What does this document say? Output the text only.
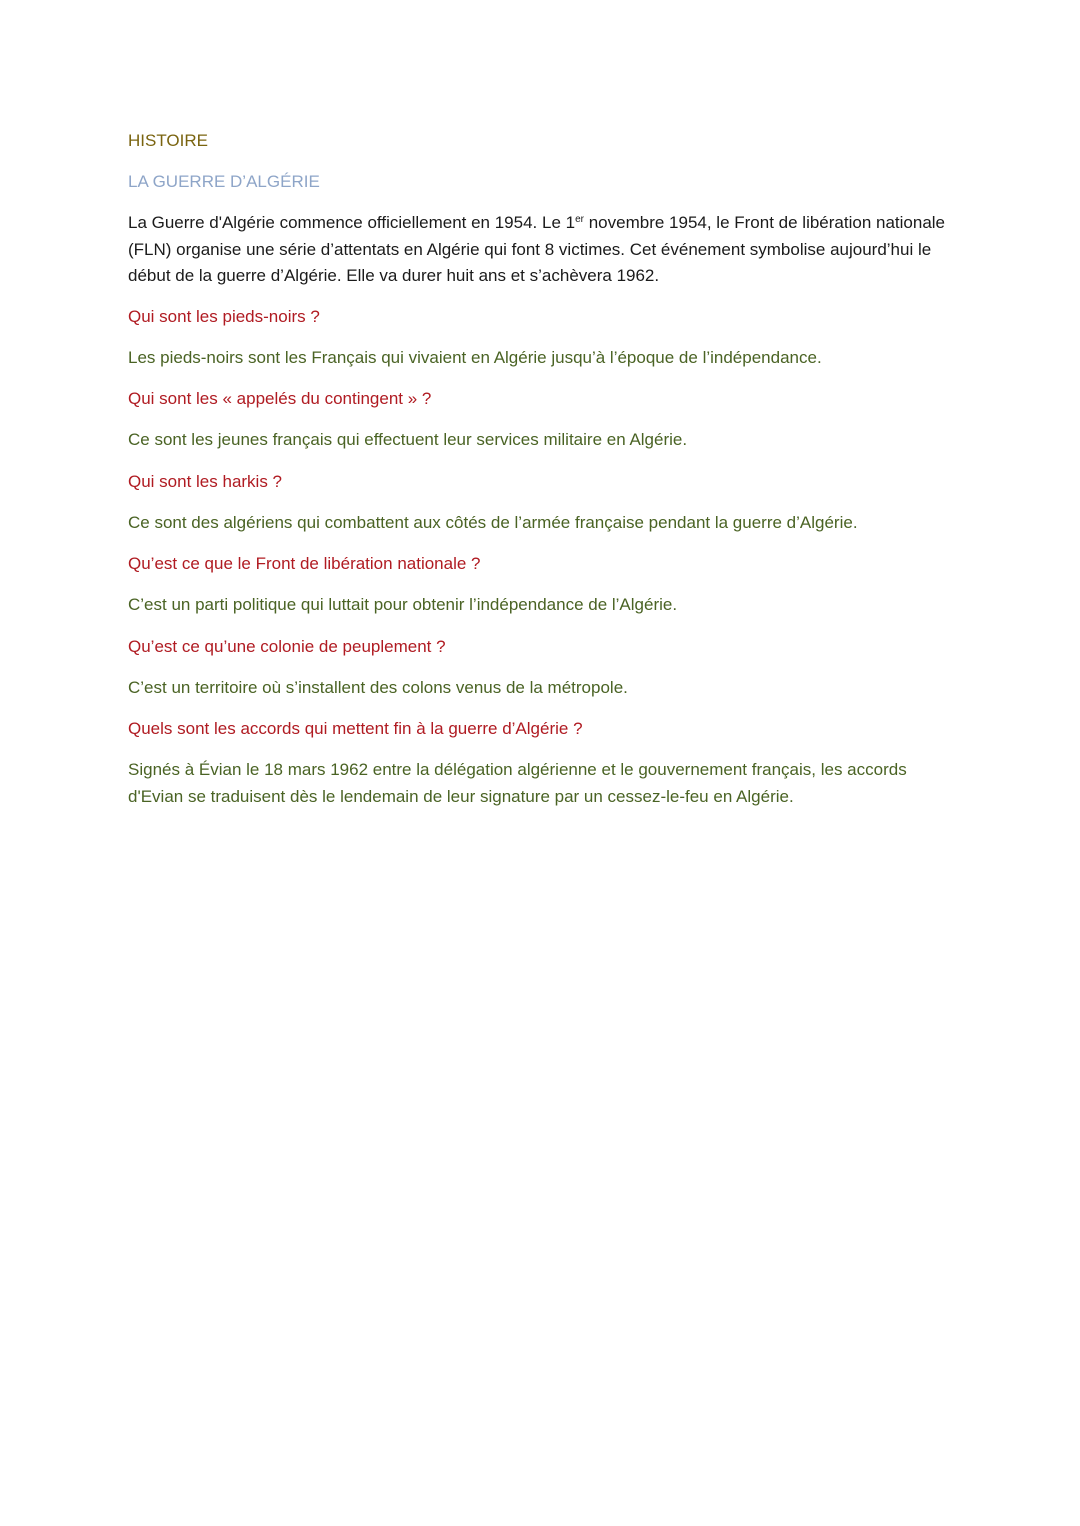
HISTOIRE
LA GUERRE D’ALGÉRIE

La Guerre d'Algérie commence officiellement en 1954. Le 1er novembre 1954, le Front de libération nationale (FLN) organise une série d’attentats en Algérie qui font 8 victimes. Cet événement symbolise aujourd’hui le début de la guerre d’Algérie. Elle va durer huit ans et s’achèvera 1962.

Qui sont les pieds-noirs ?
Les pieds-noirs sont les Français qui vivaient en Algérie jusqu’à l’époque de l’indépendance.
Qui sont les « appelés du contingent » ?
Ce sont les jeunes français qui effectuent leur services militaire en Algérie.
Qui sont les harkis ?
Ce sont des algériens qui combattent aux côtés de l’armée française pendant la guerre d’Algérie.
Qu’est ce que le Front de libération nationale ?
C’est un parti politique qui luttait pour obtenir l’indépendance de l’Algérie.
Qu’est ce qu’une colonie de peuplement ?
C’est un territoire où s’installent des colons venus de la métropole.
Quels sont les accords qui mettent fin à la guerre d’Algérie ?
Signés à Évian le 18 mars 1962 entre la délégation algérienne et le gouvernement français, les accords d'Evian se traduisent dès le lendemain de leur signature par un cessez-le-feu en Algérie.
